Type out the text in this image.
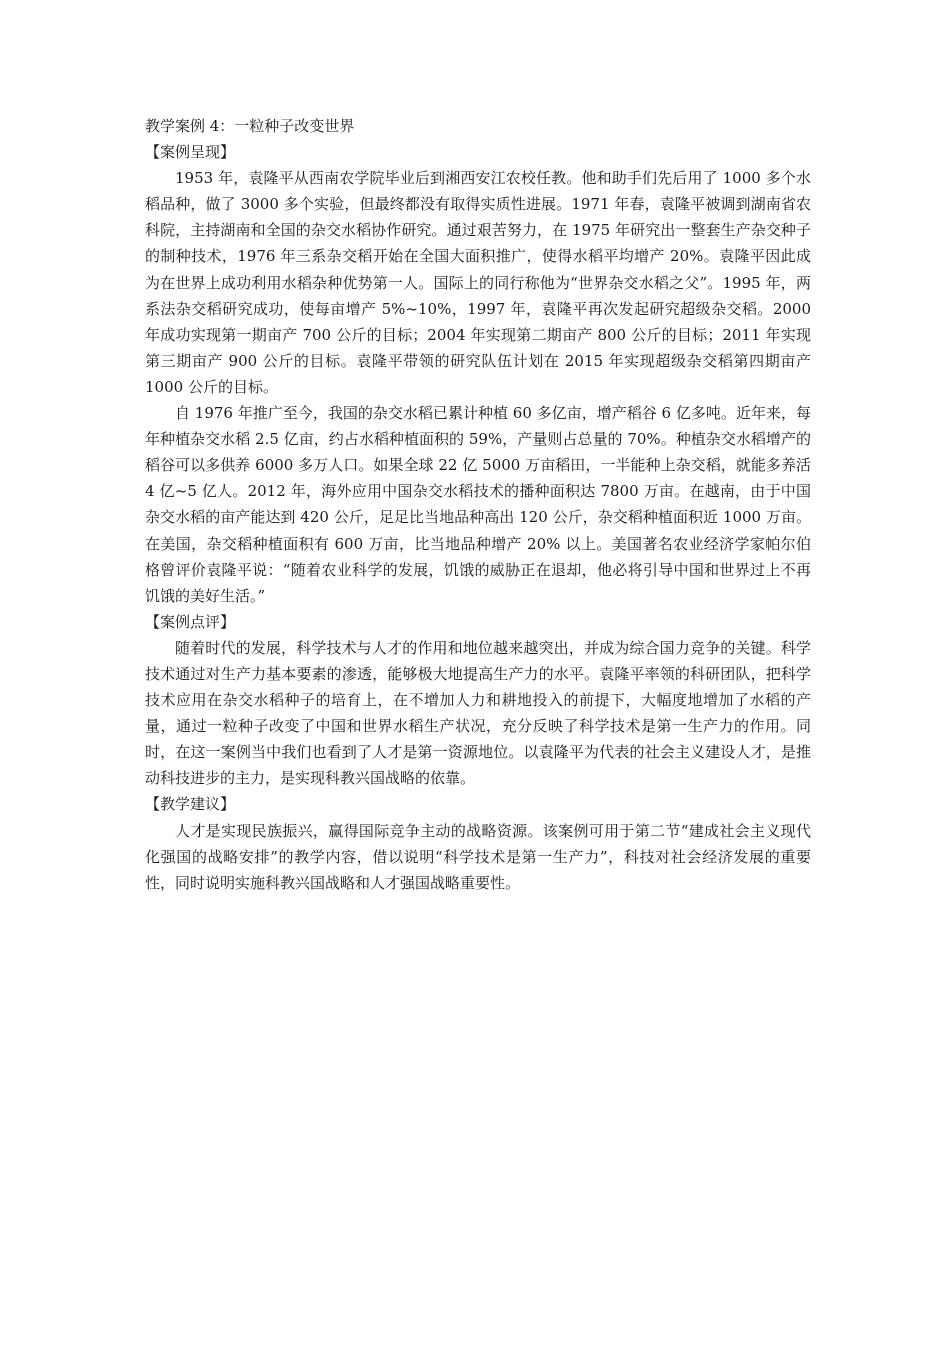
教学案例 4：一粒种子改变世界

【案例呈现】

1953 年，袁隆平从西南农学院毕业后到湘西安江农校任教。他和助手们先后用了 1000 多个水稻品种，做了 3000 多个实验，但最终都没有取得实质性进展。1971 年春，袁隆平被调到湖南省农科院，主持湖南和全国的杂交水稻协作研究。通过艰苦努力，在 1975 年研究出一整套生产杂交种子的制种技术，1976 年三系杂交稻开始在全国大面积推广，使得水稻平均增产 20%。袁隆平因此成为在世界上成功利用水稻杂种优势第一人。国际上的同行称他为“世界杂交水稻之父”。1995 年，两系法杂交稻研究成功，使每亩增产 5%~10%，1997 年，袁隆平再次发起研究超级杂交稻。2000 年成功实现第一期亩产 700 公斤的目标；2004 年实现第二期亩产 800 公斤的目标；2011 年实现第三期亩产 900 公斤的目标。袁隆平带领的研究队伍计划在 2015 年实现超级杂交稻第四期亩产 1000 公斤的目标。

自 1976 年推广至今，我国的杂交水稻已累计种植 60 多亿亩，增产稻谷 6 亿多吨。近年来，每年种植杂交水稻 2.5 亿亩，约占水稻种植面积的 59%，产量则占总量的 70%。种植杂交水稻增产的稻谷可以多供养 6000 多万人口。如果全球 22 亿 5000 万亩稻田，一半能种上杂交稻，就能多养活 4 亿~5 亿人。2012 年，海外应用中国杂交水稻技术的播种面积达 7800 万亩。在越南，由于中国杂交水稻的亩产能达到 420 公斤，足足比当地品种高出 120 公斤，杂交稻种植面积近 1000 万亩。在美国，杂交稻种植面积有 600 万亩，比当地品种增产 20% 以上。美国著名农业经济学家帕尔伯格曾评价袁隆平说：“随着农业科学的发展，饥饿的威胁正在退却，他必将引导中国和世界过上不再饥饿的美好生活。”

【案例点评】

随着时代的发展，科学技术与人才的作用和地位越来越突出，并成为综合国力竞争的关键。科学技术通过对生产力基本要素的渗透，能够极大地提高生产力的水平。袁隆平率领的科研团队，把科学技术应用在杂交水稻种子的培育上，在不增加人力和耕地投入的前提下，大幅度地增加了水稻的产量，通过一粒种子改变了中国和世界水稻生产状况，充分反映了科学技术是第一生产力的作用。同时，在这一案例当中我们也看到了人才是第一资源地位。以袁隆平为代表的社会主义建设人才，是推动科技进步的主力，是实现科教兴国战略的依靠。

【教学建议】

人才是实现民族振兴，赢得国际竞争主动的战略资源。该案例可用于第二节“建成社会主义现代化强国的战略安排”的教学内容，借以说明“科学技术是第一生产力”，科技对社会经济发展的重要性，同时说明实施科教兴国战略和人才强国战略重要性。
